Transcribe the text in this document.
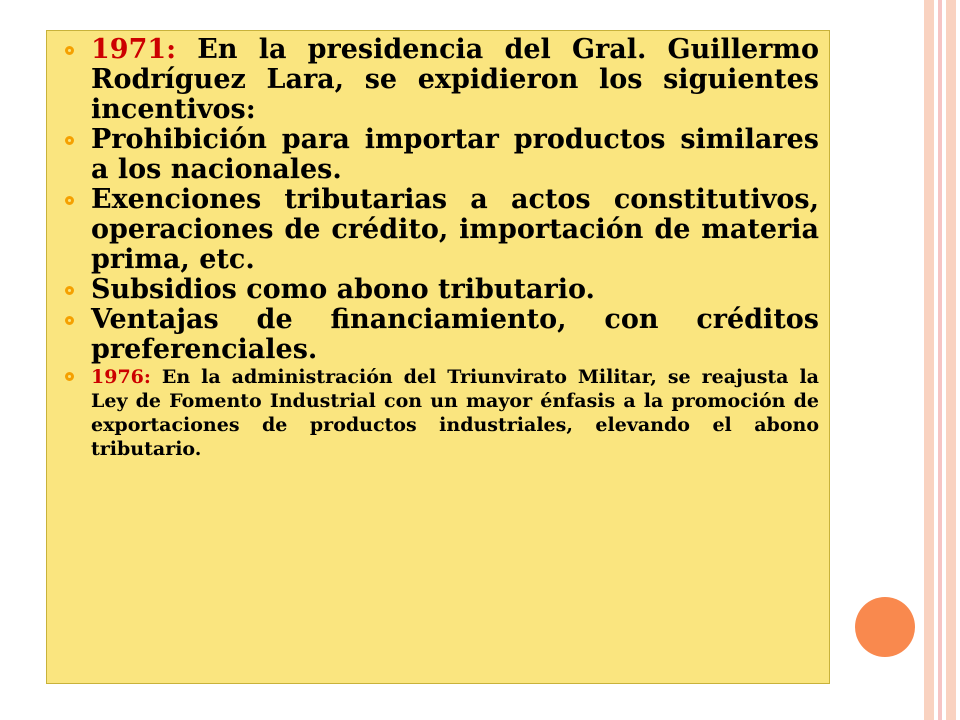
1971: En la presidencia del Gral. Guillermo Rodríguez Lara, se expidieron los siguientes incentivos:
Prohibición para importar productos similares a los nacionales.
Exenciones tributarias a actos constitutivos, operaciones de crédito, importación de materia prima, etc.
Subsidios como abono tributario.
Ventajas de financiamiento, con créditos preferenciales.
1976: En la administración del Triunvirato Militar, se reajusta la Ley de Fomento Industrial con un mayor énfasis a la promoción de exportaciones de productos industriales, elevando el abono tributario.
